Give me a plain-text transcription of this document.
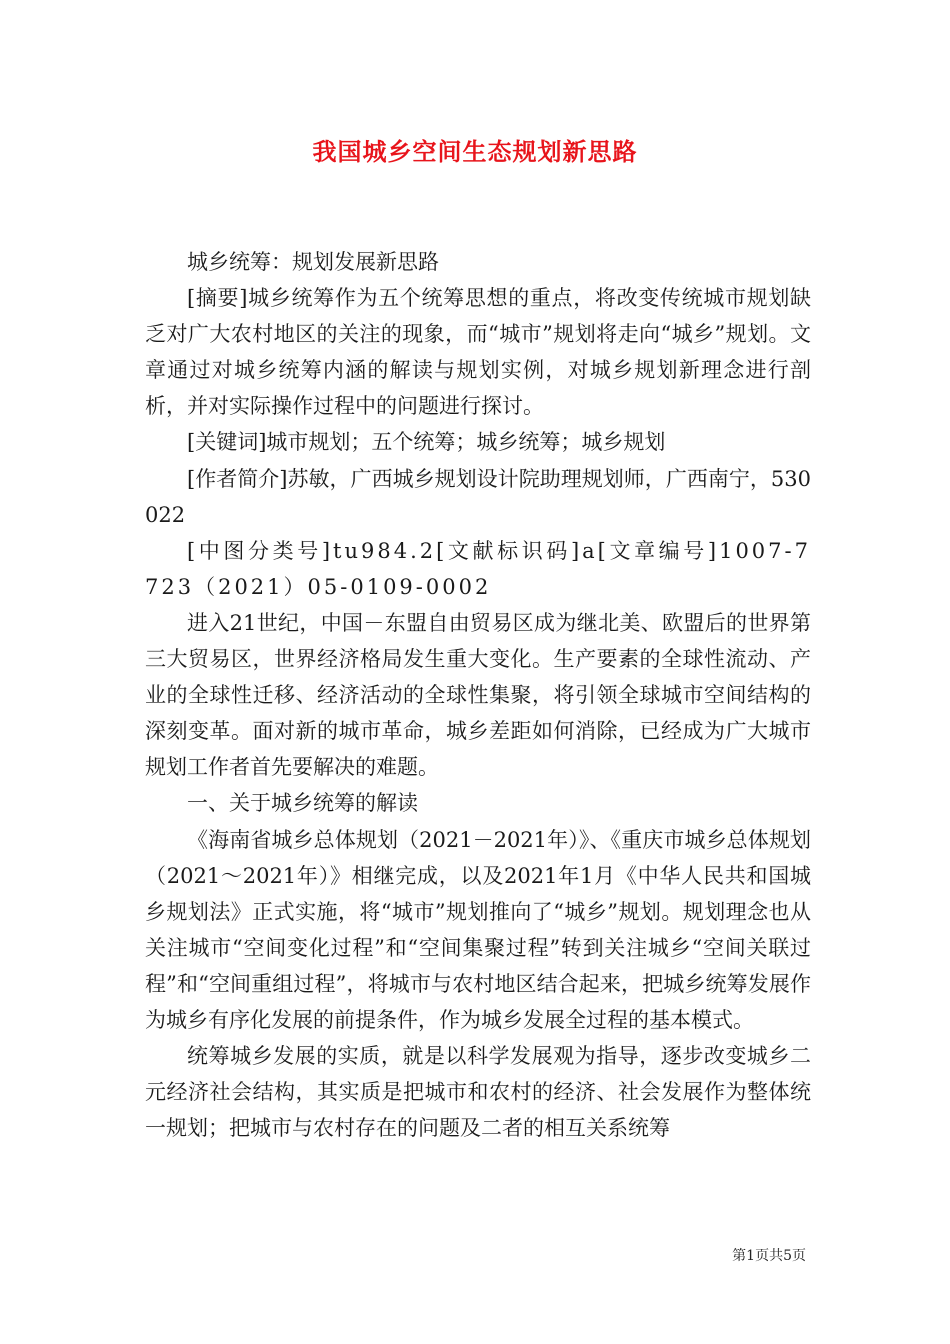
我国城乡空间生态规划新思路

城乡统筹：规划发展新思路

[摘要]城乡统筹作为五个统筹思想的重点，将改变传统城市规划缺乏对广大农村地区的关注的现象，而“城市”规划将走向“城乡”规划。文章通过对城乡统筹内涵的解读与规划实例，对城乡规划新理念进行剖析，并对实际操作过程中的问题进行探讨。

[关键词]城市规划；五个统筹；城乡统筹；城乡规划

[作者简介]苏敏，广西城乡规划设计院助理规划师，广西南宁，530022

[中图分类号]tu984.2[文献标识码]a[文章编号]1007-7723（2021）05-0109-0002

进入21世纪，中国－东盟自由贸易区成为继北美、欧盟后的世界第三大贸易区，世界经济格局发生重大变化。生产要素的全球性流动、产业的全球性迁移、经济活动的全球性集聚，将引领全球城市空间结构的深刻变革。面对新的城市革命，城乡差距如何消除，已经成为广大城市规划工作者首先要解决的难题。

一、关于城乡统筹的解读

《海南省城乡总体规划（2021－2021年）》、《重庆市城乡总体规划（2021～2021年）》相继完成，以及2021年1月《中华人民共和国城乡规划法》正式实施，将“城市”规划推向了“城乡”规划。规划理念也从关注城市“空间变化过程”和“空间集聚过程”转到关注城乡“空间关联过程”和“空间重组过程”，将城市与农村地区结合起来，把城乡统筹发展作为城乡有序化发展的前提条件，作为城乡发展全过程的基本模式。

统筹城乡发展的实质，就是以科学发展观为指导，逐步改变城乡二元经济社会结构，其实质是把城市和农村的经济、社会发展作为整体统一规划；把城市与农村存在的问题及二者的相互关系统筹

第1页共5页
